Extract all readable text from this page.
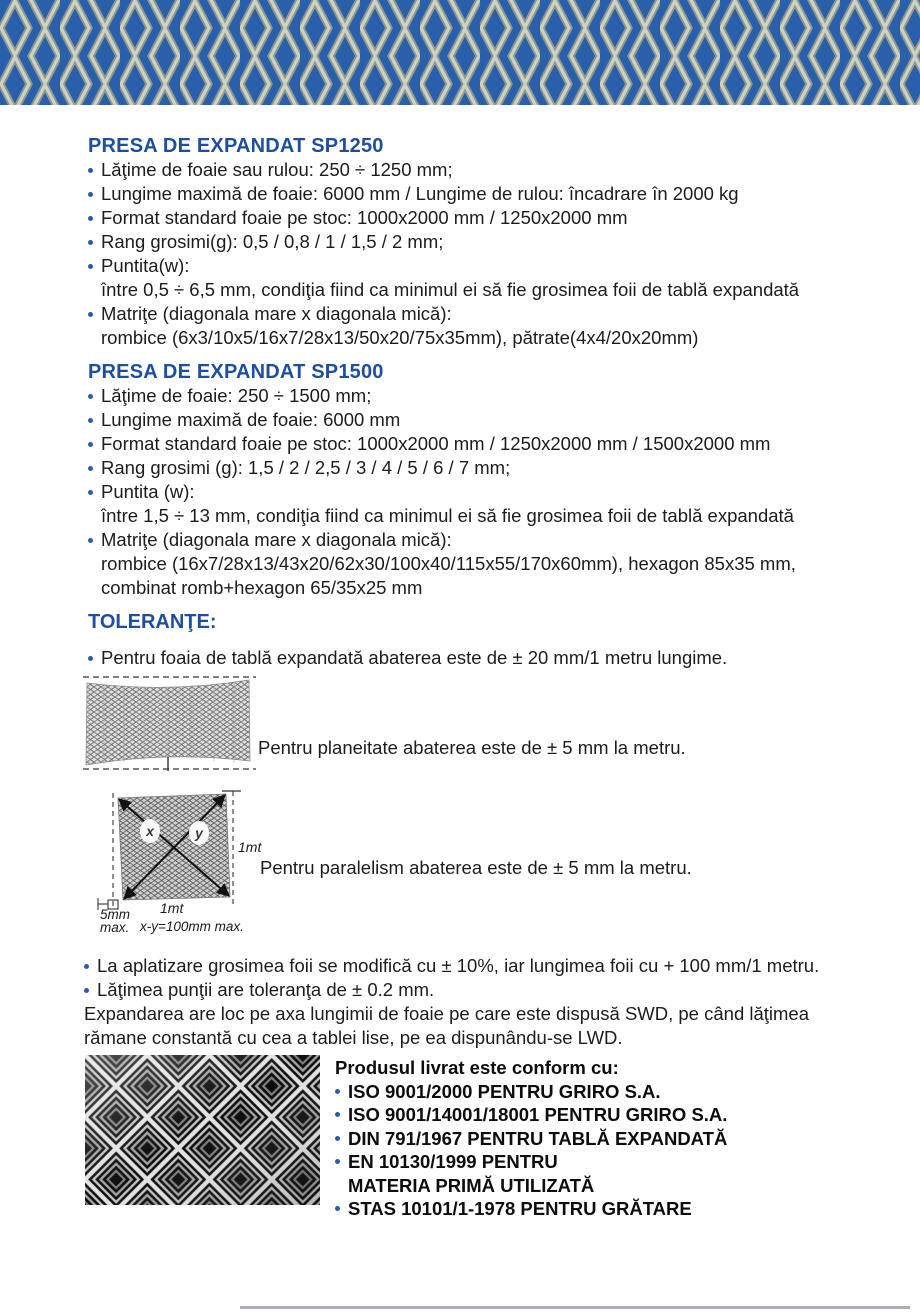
PRESA DE EXPANDAT SP1250
Lăţime de foaie sau rulou: 250 ÷ 1250 mm;
Lungime maximă de foaie: 6000 mm / Lungime de rulou: încadrare în 2000 kg
Format standard foaie pe stoc: 1000x2000 mm / 1250x2000 mm
Rang grosimi(g): 0,5 / 0,8 / 1 / 1,5 / 2 mm;
Puntita(w):
între 0,5 ÷ 6,5 mm, condiţia fiind ca minimul ei să fie grosimea foii de tablă expandată
Matriţe (diagonala mare x diagonala mică):
rombice (6x3/10x5/16x7/28x13/50x20/75x35mm), pătrate(4x4/20x20mm)
PRESA DE EXPANDAT SP1500
Lăţime de foaie: 250 ÷ 1500 mm;
Lungime maximă de foaie: 6000 mm
Format standard foaie pe stoc: 1000x2000 mm / 1250x2000 mm / 1500x2000 mm
Rang grosimi (g): 1,5 / 2 / 2,5 / 3 / 4 / 5 / 6 / 7 mm;
Puntita (w):
între 1,5 ÷ 13 mm, condiţia fiind ca minimul ei să fie grosimea foii de tablă expandată
Matriţe (diagonala mare x diagonala mică):
rombice (16x7/28x13/43x20/62x30/100x40/115x55/170x60mm), hexagon 85x35 mm,
combinat romb+hexagon 65/35x25 mm
TOLERANŢE:
Pentru foaia de tablă expandată abaterea este de ± 20 mm/1 metru lungime.
Pentru planeitate abaterea este de ± 5 mm la metru.
x	y
1mt
1mt
5mm
max. x-y=100mm max.
Pentru paralelism abaterea este de ± 5 mm la metru.
La aplatizare grosimea foii se modifică cu ± 10%, iar lungimea foii cu + 100 mm/1 metru.
Lăţimea punţii are toleranţa de ± 0.2 mm.
Expandarea are loc pe axa lungimii de foaie pe care este dispusă SWD, pe când lăţimea
rămane constantă cu cea a tablei lise, pe ea dispunându-se LWD.
Produsul livrat este conform cu:
ISO 9001/2000 PENTRU GRIRO S.A.
ISO 9001/14001/18001 PENTRU GRIRO S.A.
DIN 791/1967 PENTRU TABLĂ EXPANDATĂ
EN 10130/1999 PENTRU
MATERIA PRIMĂ UTILIZATĂ
STAS 10101/1-1978 PENTRU GRĂTARE
